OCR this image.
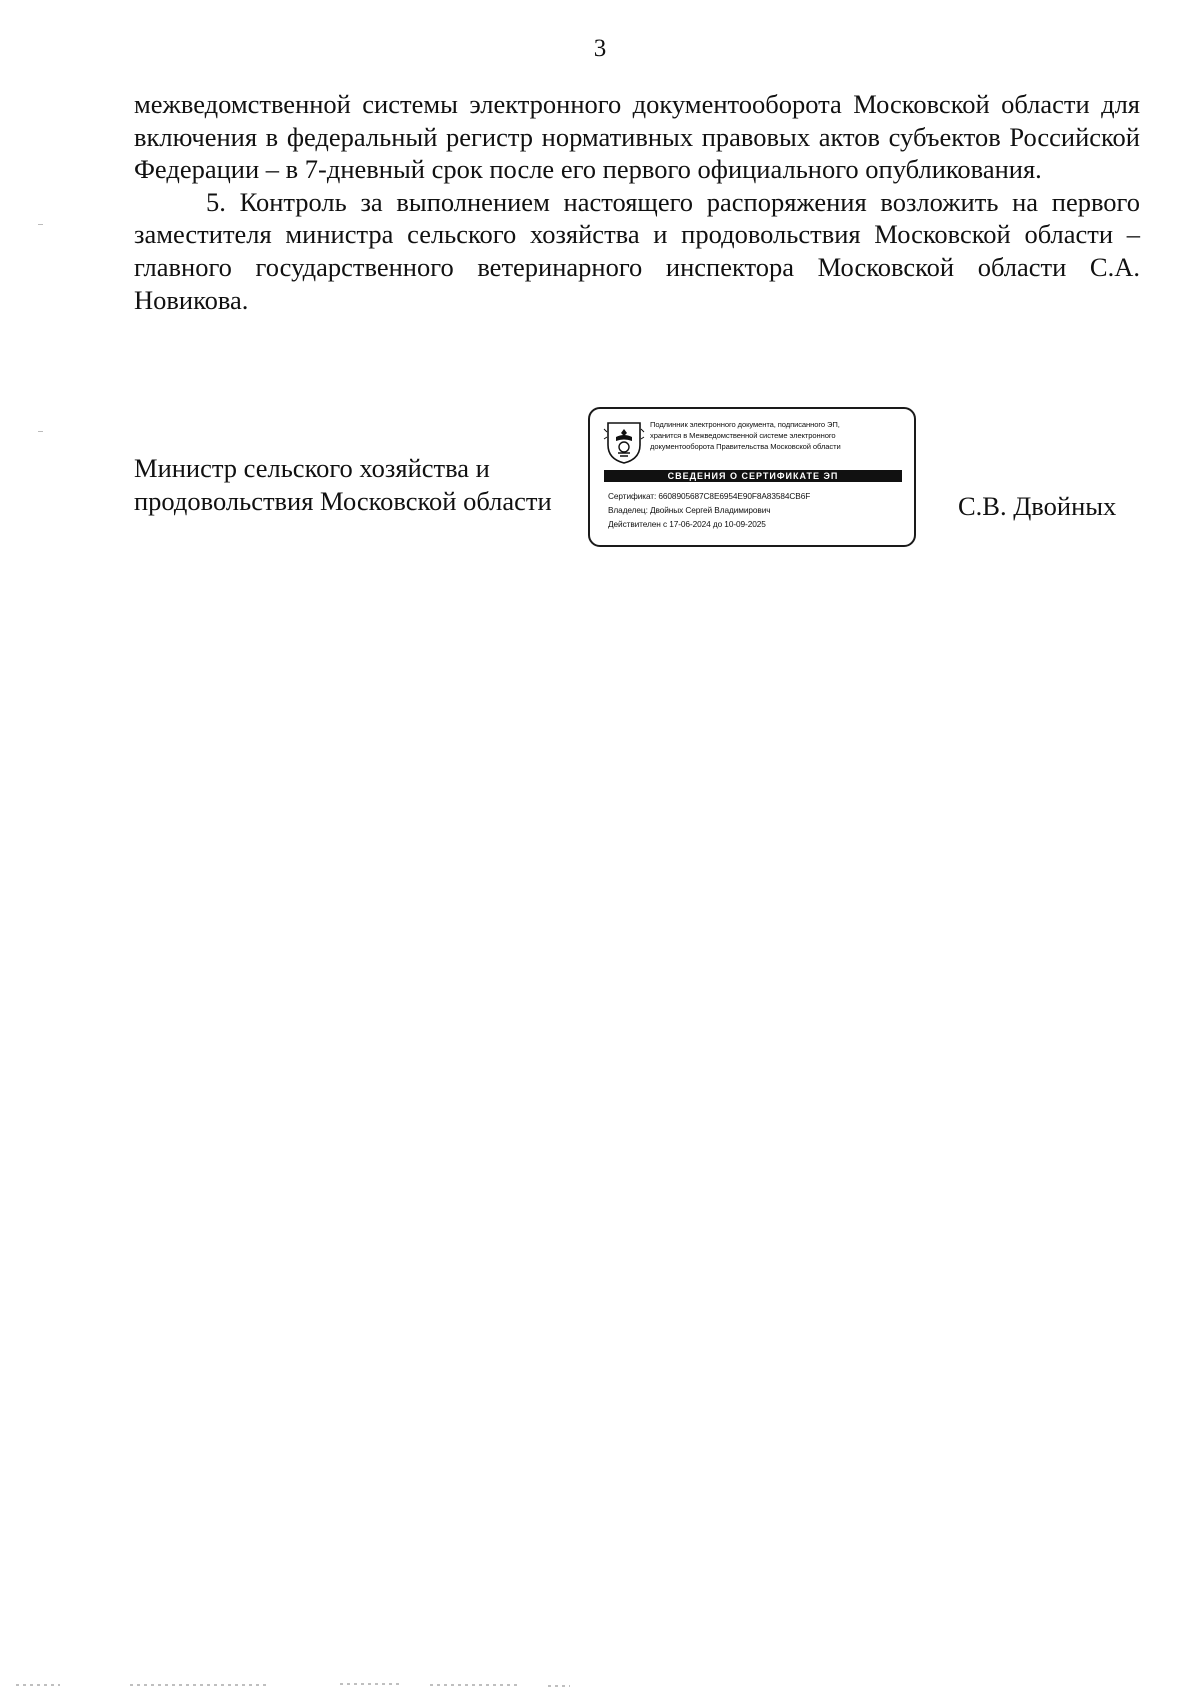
3

межведомственной системы электронного документооборота Московской области для включения в федеральный регистр нормативных правовых актов субъектов Российской Федерации – в 7-дневный срок после его первого официального опубликования.

5. Контроль за выполнением настоящего распоряжения возложить на первого заместителя министра сельского хозяйства и продовольствия Московской области – главного государственного ветеринарного инспектора Московской области С.А. Новикова.

Министр сельского хозяйства и
продовольствия Московской области
Подлинник электронного документа, подписанного ЭП,
хранится в Межведомственной системе электронного
документооборота Правительства Московской области
СВЕДЕНИЯ О СЕРТИФИКАТЕ ЭП
Сертификат: 6608905687C8E6954E90F8A83584CB6F
Владелец: Двойных Сергей Владимирович
Действителен с 17-06-2024 до 10-09-2025
С.В. Двойных
